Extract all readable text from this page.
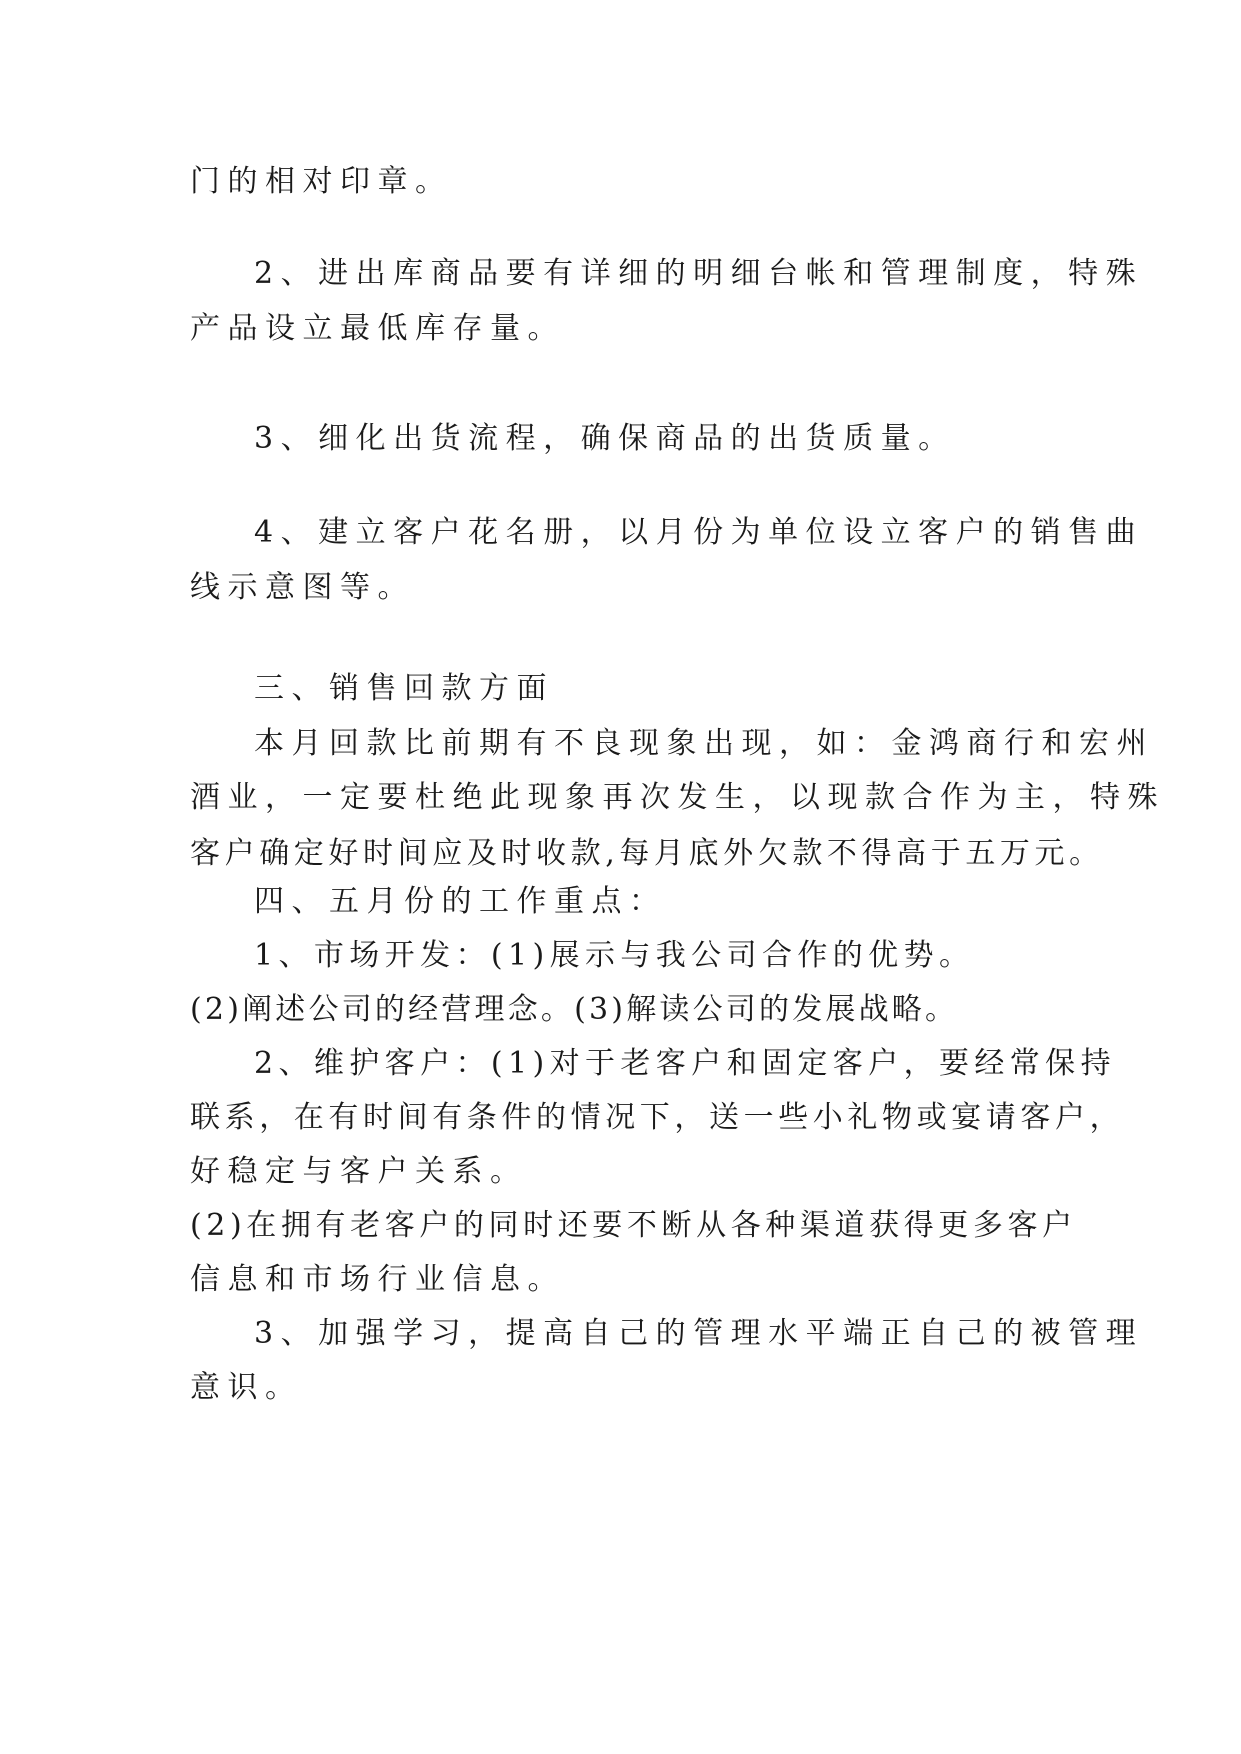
门的相对印章。
2、进出库商品要有详细的明细台帐和管理制度，特殊
产品设立最低库存量。
3、细化出货流程，确保商品的出货质量。
4、建立客户花名册，以月份为单位设立客户的销售曲
线示意图等。
三、销售回款方面
本月回款比前期有不良现象出现，如：金鸿商行和宏州
酒业，一定要杜绝此现象再次发生，以现款合作为主，特殊
客户确定好时间应及时收款,每月底外欠款不得高于五万元。
四、五月份的工作重点：
1、市场开发：(1)展示与我公司合作的优势。
(2)阐述公司的经营理念。(3)解读公司的发展战略。
2、维护客户：(1)对于老客户和固定客户，要经常保持
联系，在有时间有条件的情况下，送一些小礼物或宴请客户，
好稳定与客户关系。
(2)在拥有老客户的同时还要不断从各种渠道获得更多客户
信息和市场行业信息。
3、加强学习，提高自己的管理水平端正自己的被管理
意识。
